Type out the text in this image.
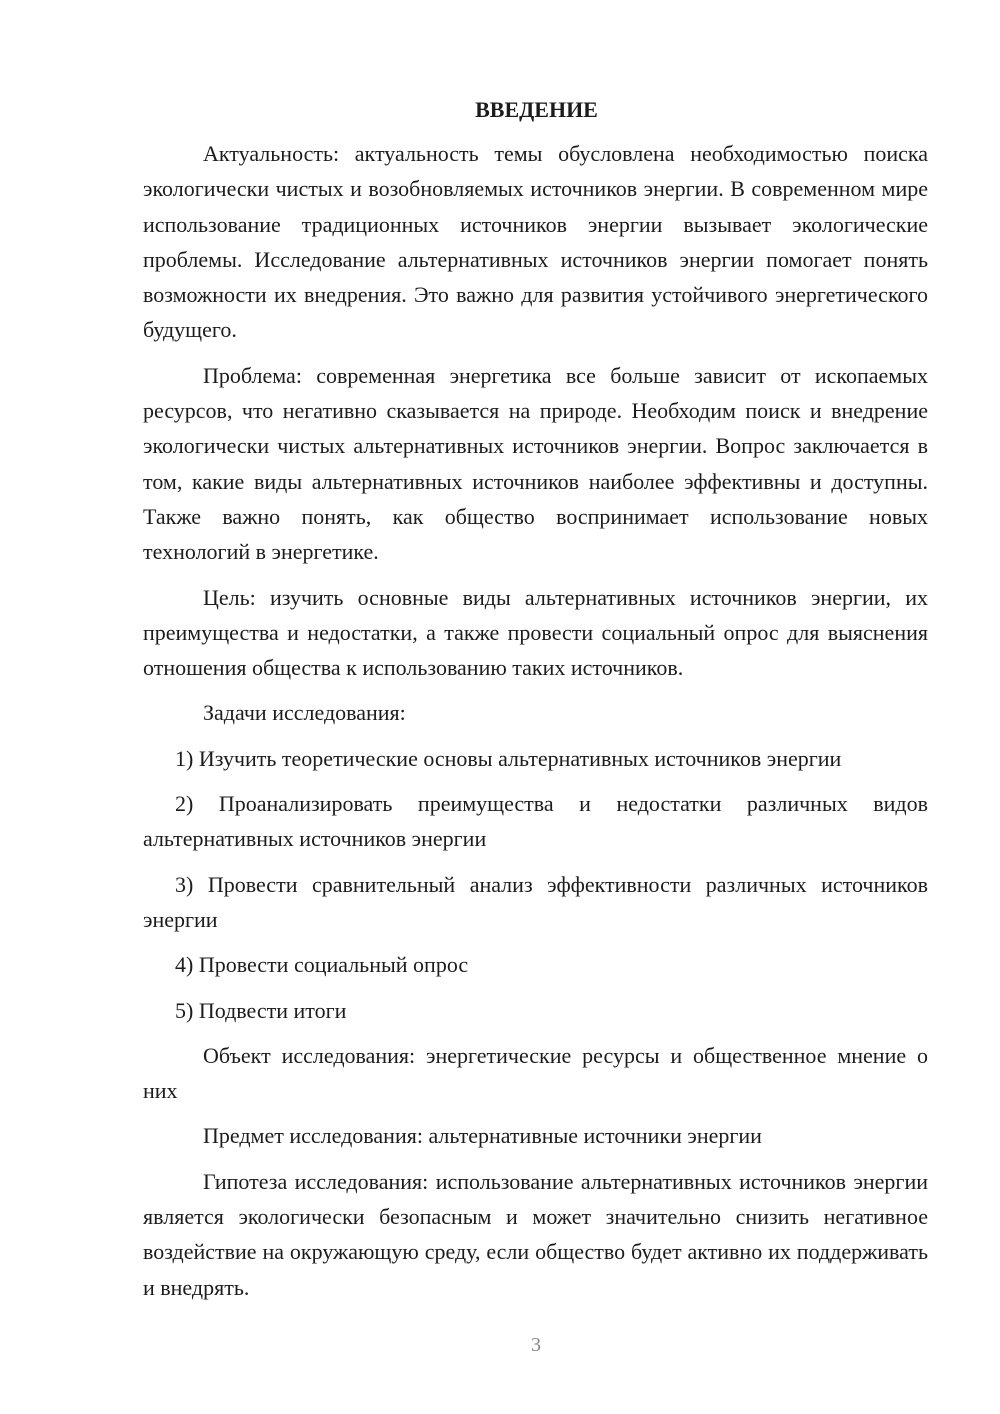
ВВЕДЕНИЕ

Актуальность: актуальность темы обусловлена необходимостью поиска экологически чистых и возобновляемых источников энергии. В современном мире использование традиционных источников энергии вызывает экологические проблемы. Исследование альтернативных источников энергии помогает понять возможности их внедрения. Это важно для развития устойчивого энергетического будущего.

Проблема: современная энергетика все больше зависит от ископаемых ресурсов, что негативно сказывается на природе. Необходим поиск и внедрение экологически чистых альтернативных источников энергии. Вопрос заключается в том, какие виды альтернативных источников наиболее эффективны и доступны. Также важно понять, как общество воспринимает использование новых технологий в энергетике.

Цель: изучить основные виды альтернативных источников энергии, их преимущества и недостатки, а также провести социальный опрос для выяснения отношения общества к использованию таких источников.

Задачи исследования:

1) Изучить теоретические основы альтернативных источников энергии

2) Проанализировать преимущества и недостатки различных видов альтернативных источников энергии

3) Провести сравнительный анализ эффективности различных источников энергии

4) Провести социальный опрос

5) Подвести итоги

Объект исследования: энергетические ресурсы и общественное мнение о них

Предмет исследования: альтернативные источники энергии

Гипотеза исследования: использование альтернативных источников энергии является экологически безопасным и может значительно снизить негативное воздействие на окружающую среду, если общество будет активно их поддерживать и внедрять.

3
